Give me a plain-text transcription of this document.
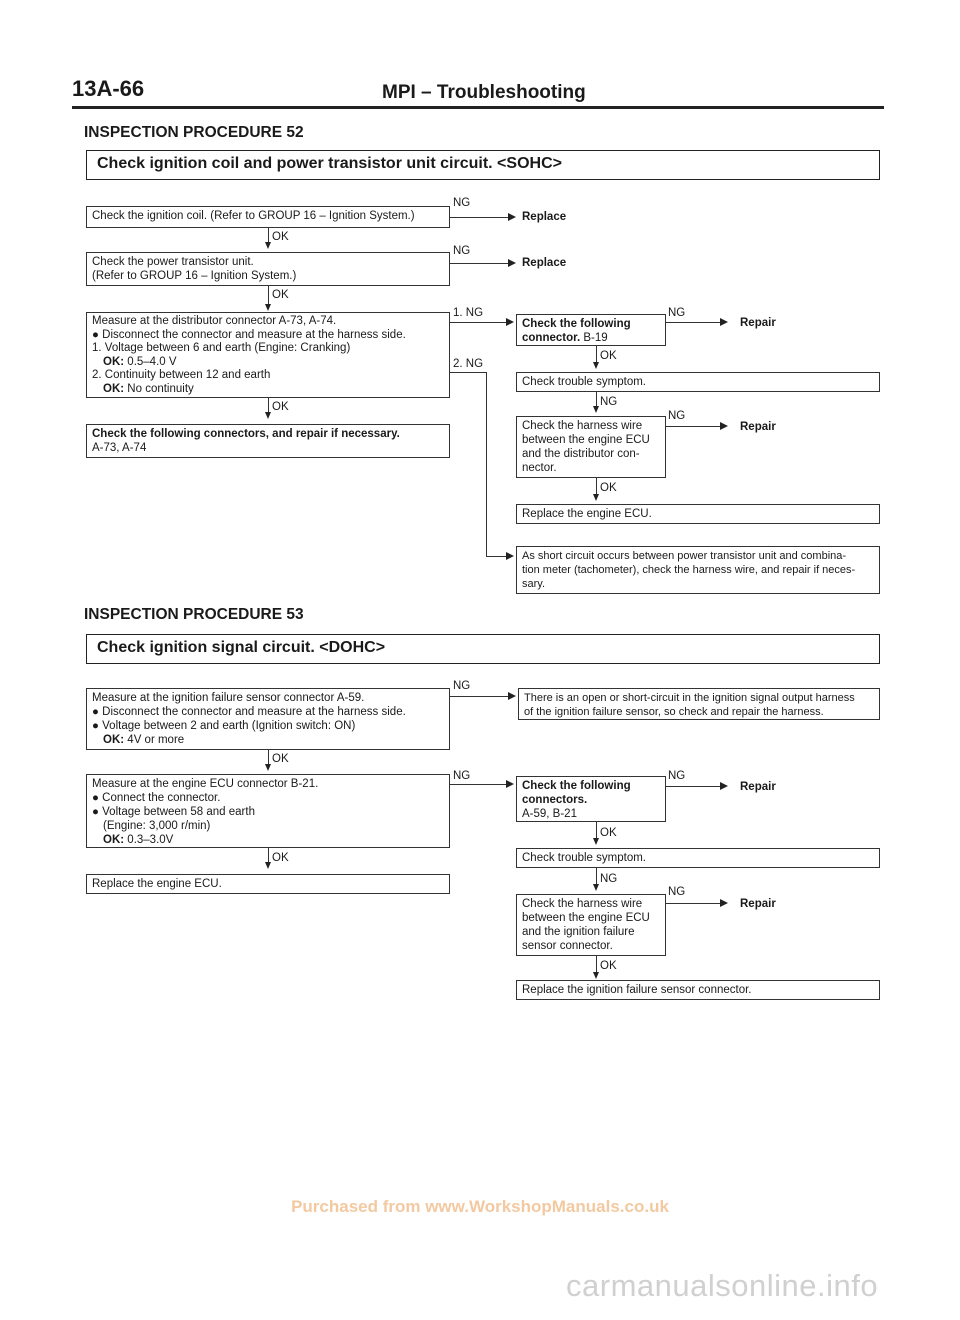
13A-66	MPI – Troubleshooting
INSPECTION PROCEDURE 52
Check ignition coil and power transistor unit circuit. <SOHC>
Check the ignition coil. (Refer to GROUP 16 – Ignition System.)
NG
Replace
OK
Check the power transistor unit.
(Refer to GROUP 16 – Ignition System.)
NG
Replace
OK
Measure at the distributor connector A-73, A-74.
● Disconnect the connector and measure at the harness side.
1. Voltage between 6 and earth (Engine: Cranking)
OK: 0.5–4.0 V
2. Continuity between 12 and earth
OK: No continuity
1. NG
2. NG
OK
Check the following connectors, and repair if necessary.
A-73, A-74
Check the following
connector. B-19
NG
Repair
OK
Check trouble symptom.
NG
Check the harness wire
between the engine ECU
and the distributor con-
nector.
NG
Repair
OK
Replace the engine ECU.
As short circuit occurs between power transistor unit and combina-
tion meter (tachometer), check the harness wire, and repair if neces-
sary.
INSPECTION PROCEDURE 53
Check ignition signal circuit. <DOHC>
Measure at the ignition failure sensor connector A-59.
● Disconnect the connector and measure at the harness side.
● Voltage between 2 and earth (Ignition switch: ON)
OK: 4V or more
NG
There is an open or short-circuit in the ignition signal output harness
of the ignition failure sensor, so check and repair the harness.
OK
Measure at the engine ECU connector B-21.
● Connect the connector.
● Voltage between 58 and earth
(Engine: 3,000 r/min)
OK: 0.3–3.0V
NG
OK
Replace the engine ECU.
Check the following
connectors.
A-59, B-21
NG
Repair
OK
Check trouble symptom.
NG
Check the harness wire
between the engine ECU
and the ignition failure
sensor connector.
NG
Repair
OK
Replace the ignition failure sensor connector.
Purchased from www.WorkshopManuals.co.uk
carmanualsonline.info
